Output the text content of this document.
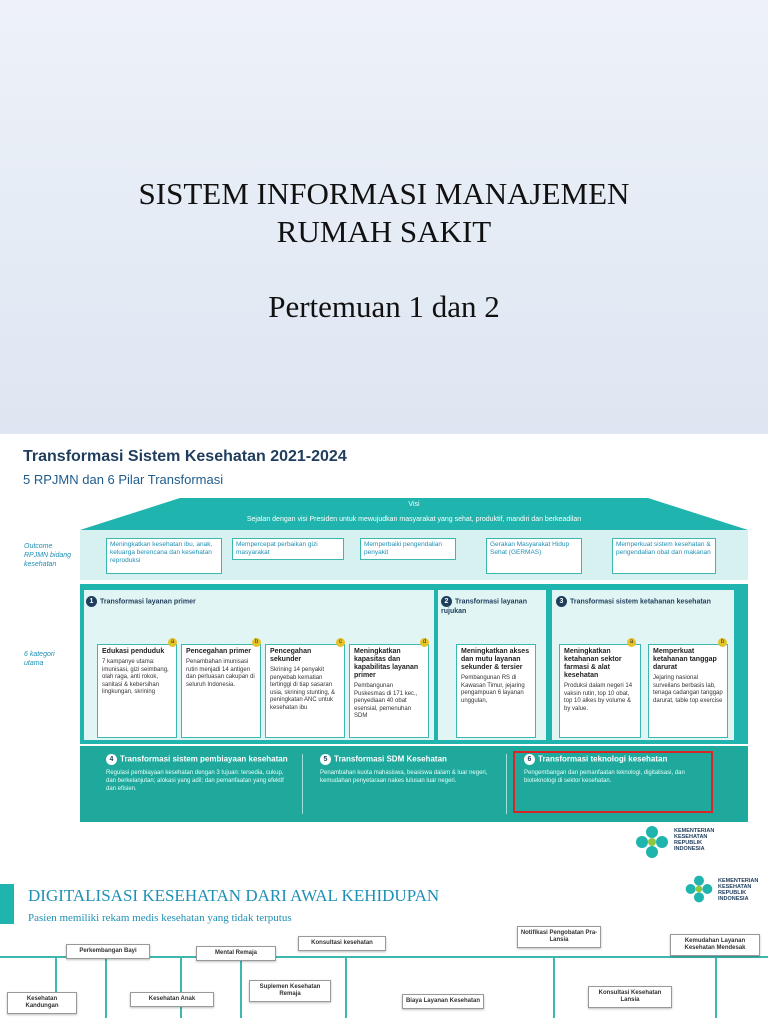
SISTEM INFORMASI MANAJEMEN
RUMAH SAKIT
Pertemuan 1 dan 2
Transformasi Sistem Kesehatan 2021-2024
5 RPJMN dan 6 Pilar Transformasi
Visi
Sejalan dengan visi Presiden untuk mewujudkan masyarakat yang sehat, produktif, mandiri dan berkeadilan
Outcome RPJMN bidang kesehatan
6 kategori utama
Meningkatkan kesehatan ibu, anak, keluarga berencana dan kesehatan reproduksi
Mempercepat perbaikan gizi masyarakat
Memperbaiki pengendalian penyakit
Gerakan Masyarakat Hidup Sehat (GERMAS)
Memperkuat sistem kesehatan & pengendalian obat dan makanan
1 Transformasi layanan primer	2 Transformasi layanan rujukan
3 Transformasi sistem ketahanan kesehatan
Edukasi penduduk
7 kampanye utama: imunisasi, gizi seimbang, olah raga, anti rokok, sanitasi & kebersihan lingkungan, skrining
a
Pencegahan primer
Penambahan imunisasi rutin menjadi 14 antigen dan perluasan cakupan di seluruh Indonesia.
b
Pencegahan sekunder
Skrining 14 penyakit penyebab kematian tertinggi di tiap sasaran usia, skrining stunting, & peningkatan ANC untuk kesehatan ibu
c
Meningkatkan kapasitas dan kapabilitas layanan primer
Pembangunan Puskesmas di 171 kec., penyediaan 40 obat esensial, pemenuhan SDM
d
Meningkatkan akses dan mutu layanan sekunder & tersier
Pembangunan RS di Kawasan Timur, jejaring pengampuan 6 layanan unggulan,
Meningkatkan ketahanan sektor farmasi & alat kesehatan
Produksi dalam negeri 14 vaksin rutin, top 10 obat, top 10 alkes by volume & by value.
a
Memperkuat ketahanan tanggap darurat
Jejaring nasional surveilans berbasis lab, tenaga cadangan tanggap darurat, table top exercise
b
4 Transformasi sistem pembiayaan kesehatan
Regulasi pembiayaan kesehatan dengan 3 tujuan: tersedia, cukup, dan berkelanjutan; alokasi yang adil; dan pemanfaatan yang efektif dan efisien.
5 Transformasi SDM Kesehatan
Penambahan kuota mahasiswa, beasiswa dalam & luar negeri, kemudahan penyetaraan nakes lulusan luar negeri.
6 Transformasi teknologi kesehatan
Pengembangan dan pemanfaatan teknologi, digitalisasi, dan bioteknologi di sektor kesehatan.
KEMENTERIAN KESEHATAN REPUBLIK INDONESIA
DIGITALISASI KESEHATAN DARI AWAL KEHIDUPAN
Pasien memiliki rekam medis kesehatan yang tidak terputus
KEMENTERIAN KESEHATAN REPUBLIK INDONESIA
Kesehatan Kandungan
Perkembangan Bayi
Kesehatan Anak
Mental Remaja
Suplemen Kesehatan Remaja
Konsultasi kesehatan
Biaya Layanan Kesehatan
Notifikasi Pengobatan Pra-Lansia
Konsultasi Kesehatan Lansia
Kemudahan Layanan Kesehatan Mendesak
